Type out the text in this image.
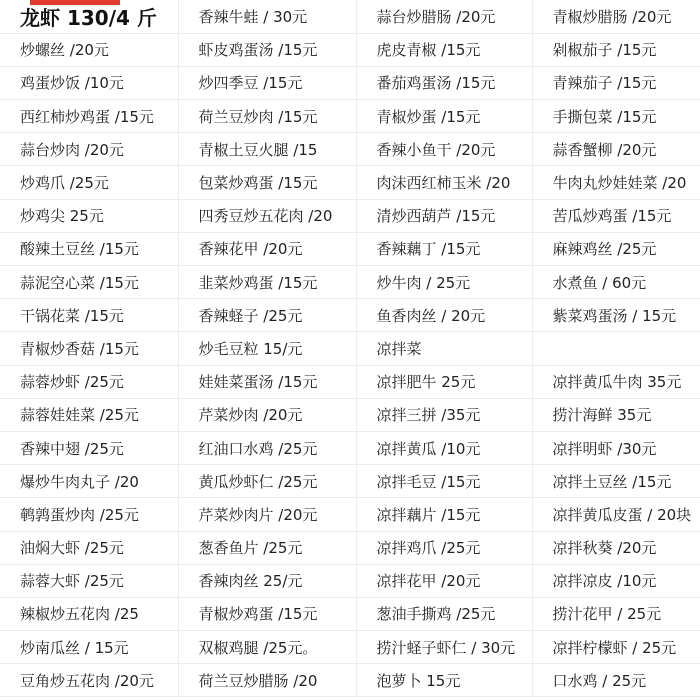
龙虾 130/4 斤	香辣牛蛙 / 30元	蒜台炒腊肠 /20元	青椒炒腊肠 /20元
炒螺丝 /20元	虾皮鸡蛋汤 /15元	虎皮青椒 /15元	剁椒茄子 /15元
鸡蛋炒饭 /10元	炒四季豆 /15元	番茄鸡蛋汤 /15元	青辣茄子 /15元
西红柿炒鸡蛋 /15元	荷兰豆炒肉 /15元	青椒炒蛋 /15元	手撕包菜 /15元
蒜台炒肉 /20元	青椒土豆火腿 /15	香辣小鱼干 /20元	蒜香蟹柳 /20元
炒鸡爪 /25元	包菜炒鸡蛋 /15元	肉沫西红柿玉米 /20	牛肉丸炒娃娃菜 /20
炒鸡尖 25元	四秀豆炒五花肉 /20	清炒西葫芦 /15元	苦瓜炒鸡蛋 /15元
酸辣土豆丝 /15元	香辣花甲 /20元	香辣藕丁 /15元	麻辣鸡丝 /25元
蒜泥空心菜 /15元	韭菜炒鸡蛋 /15元	炒牛肉 / 25元	水煮鱼 / 60元
干锅花菜 /15元	香辣蛏子 /25元	鱼香肉丝 / 20元	紫菜鸡蛋汤 / 15元
青椒炒香菇 /15元	炒毛豆粒 15/元	凉拌菜	
蒜蓉炒虾 /25元	娃娃菜蛋汤 /15元	凉拌肥牛 25元	凉拌黄瓜牛肉 35元
蒜蓉娃娃菜 /25元	芹菜炒肉 /20元	凉拌三拼 /35元	捞汁海鲜 35元
香辣中翅 /25元	红油口水鸡 /25元	凉拌黄瓜 /10元	凉拌明虾 /30元
爆炒牛肉丸子 /20	黄瓜炒虾仁 /25元	凉拌毛豆 /15元	凉拌土豆丝 /15元
鹌鹑蛋炒肉 /25元	芹菜炒肉片 /20元	凉拌藕片 /15元	凉拌黄瓜皮蛋 / 20块
油焖大虾 /25元	葱香鱼片 /25元	凉拌鸡爪 /25元	凉拌秋葵 /20元
蒜蓉大虾 /25元	香辣肉丝 25/元	凉拌花甲 /20元	凉拌凉皮 /10元
辣椒炒五花肉 /25	青椒炒鸡蛋 /15元	葱油手撕鸡 /25元	捞汁花甲 / 25元
炒南瓜丝 / 15元	双椒鸡腿 /25元。	捞汁蛏子虾仁 / 30元	凉拌柠檬虾 / 25元
豆角炒五花肉 /20元	荷兰豆炒腊肠 /20	泡萝卜 15元	口水鸡 / 25元
